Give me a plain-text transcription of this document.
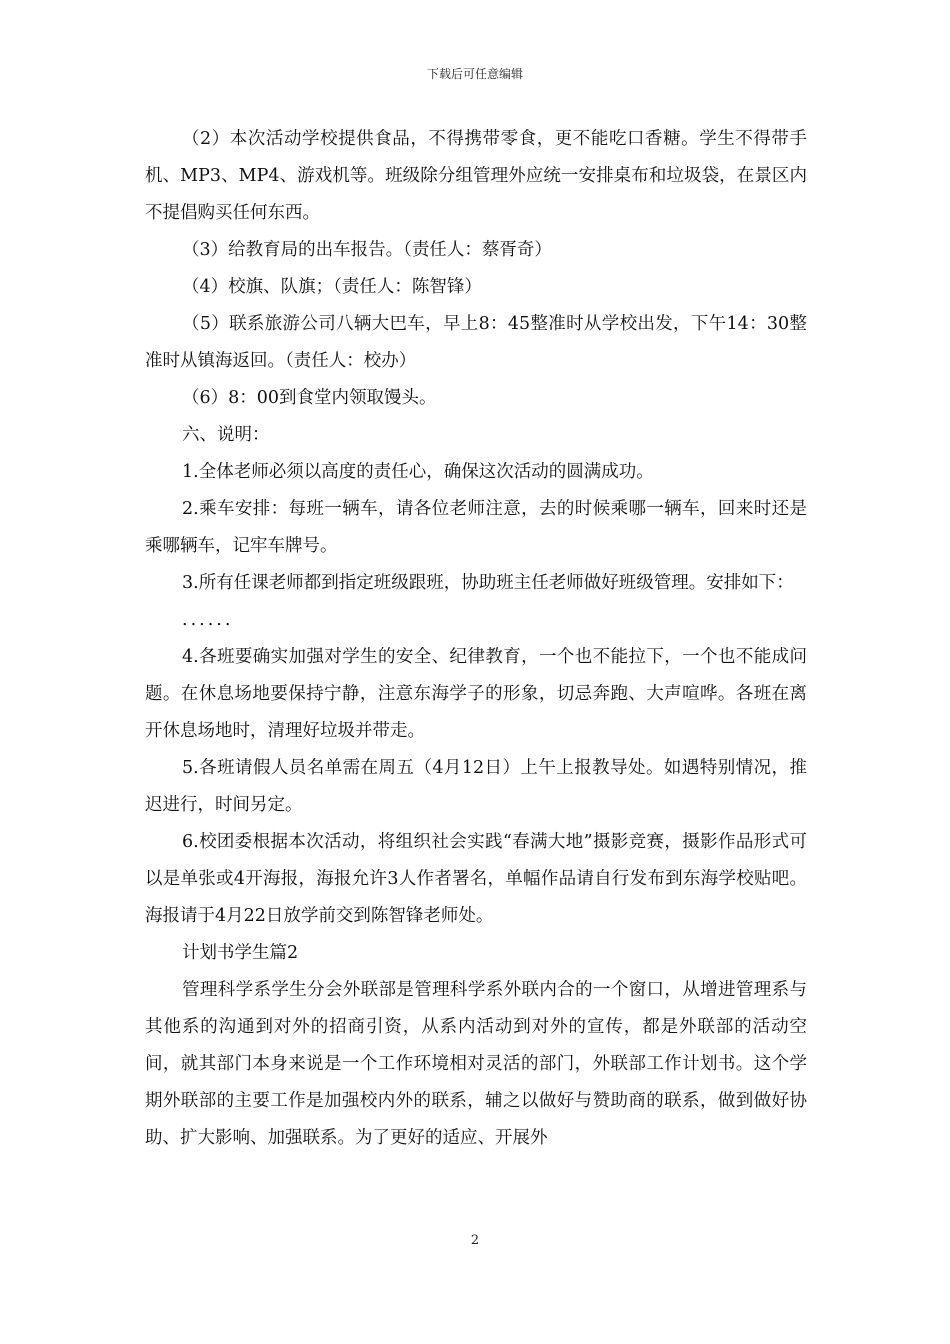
下载后可任意编辑

（2）本次活动学校提供食品，不得携带零食，更不能吃口香糖。学生不得带手机、MP3、MP4、游戏机等。班级除分组管理外应统一安排桌布和垃圾袋，在景区内不提倡购买任何东西。

（3）给教育局的出车报告。（责任人：蔡胥奇）

（4）校旗、队旗；（责任人：陈智锋）

（5）联系旅游公司八辆大巴车，早上8：45整准时从学校出发，下午14：30整准时从镇海返回。（责任人：校办）

（6）8：00到食堂内领取馒头。

六、说明：

1.全体老师必须以高度的责任心，确保这次活动的圆满成功。

2.乘车安排：每班一辆车，请各位老师注意，去的时候乘哪一辆车，回来时还是乘哪辆车，记牢车牌号。

3.所有任课老师都到指定班级跟班，协助班主任老师做好班级管理。安排如下：

......

4.各班要确实加强对学生的安全、纪律教育，一个也不能拉下，一个也不能成问题。在休息场地要保持宁静，注意东海学子的形象，切忌奔跑、大声喧哗。各班在离开休息场地时，清理好垃圾并带走。

5.各班请假人员名单需在周五（4月12日）上午上报教导处。如遇特别情况，推迟进行，时间另定。

6.校团委根据本次活动，将组织社会实践“春满大地”摄影竞赛，摄影作品形式可以是单张或4开海报，海报允许3人作者署名，单幅作品请自行发布到东海学校贴吧。海报请于4月22日放学前交到陈智锋老师处。

计划书学生篇2

管理科学系学生分会外联部是管理科学系外联内合的一个窗口，从增进管理系与其他系的沟通到对外的招商引资，从系内活动到对外的宣传，都是外联部的活动空间，就其部门本身来说是一个工作环境相对灵活的部门，外联部工作计划书。这个学期外联部的主要工作是加强校内外的联系，辅之以做好与赞助商的联系，做到做好协助、扩大影响、加强联系。为了更好的适应、开展外

2
